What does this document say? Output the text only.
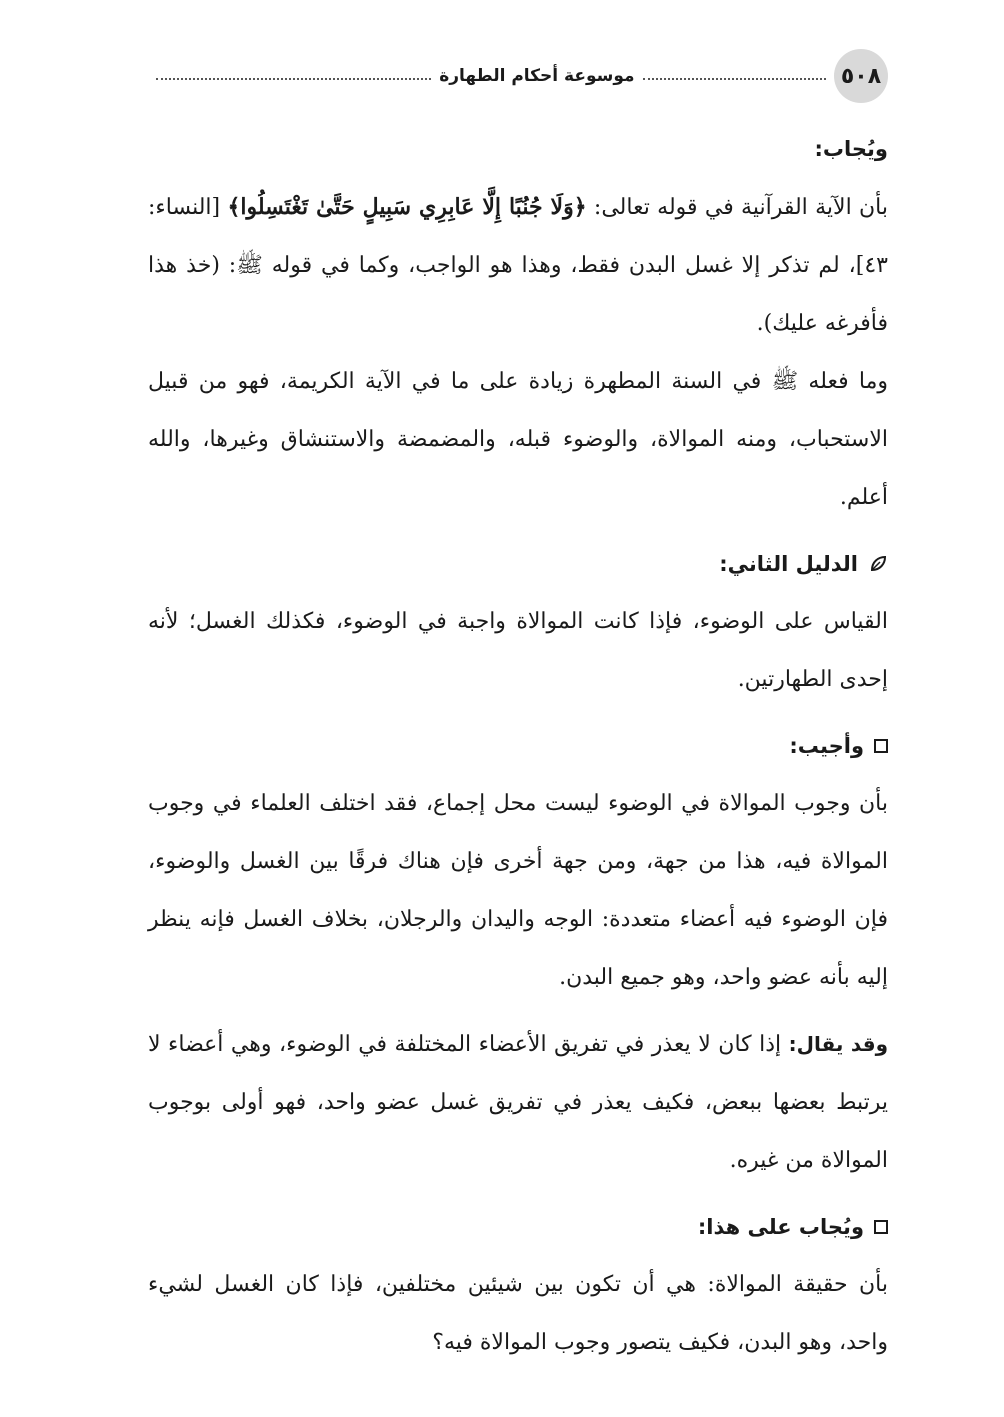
٥٠٨
موسوعة أحكام الطهارة
ويُجاب:

بأن الآية القرآنية في قوله تعالى: ﴿وَلَا جُنُبًا إِلَّا عَابِرِي سَبِيلٍ حَتَّىٰ تَغْتَسِلُوا﴾ [النساء: ٤٣]، لم تذكر إلا غسل البدن فقط، وهذا هو الواجب، وكما في قوله ﷺ: (خذ هذا فأفرغه عليك).

وما فعله ﷺ في السنة المطهرة زيادة على ما في الآية الكريمة، فهو من قبيل الاستحباب، ومنه الموالاة، والوضوء قبله، والمضمضة والاستنشاق وغيرها، والله أعلم.

الدليل الثاني:

القياس على الوضوء، فإذا كانت الموالاة واجبة في الوضوء، فكذلك الغسل؛ لأنه إحدى الطهارتين.

وأجيب:

بأن وجوب الموالاة في الوضوء ليست محل إجماع، فقد اختلف العلماء في وجوب الموالاة فيه، هذا من جهة، ومن جهة أخرى فإن هناك فرقًا بين الغسل والوضوء، فإن الوضوء فيه أعضاء متعددة: الوجه واليدان والرجلان، بخلاف الغسل فإنه ينظر إليه بأنه عضو واحد، وهو جميع البدن.

وقد يقال: إذا كان لا يعذر في تفريق الأعضاء المختلفة في الوضوء، وهي أعضاء لا يرتبط بعضها ببعض، فكيف يعذر في تفريق غسل عضو واحد، فهو أولى بوجوب الموالاة من غيره.

ويُجاب على هذا:

بأن حقيقة الموالاة: هي أن تكون بين شيئين مختلفين، فإذا كان الغسل لشيء واحد، وهو البدن، فكيف يتصور وجوب الموالاة فيه؟
